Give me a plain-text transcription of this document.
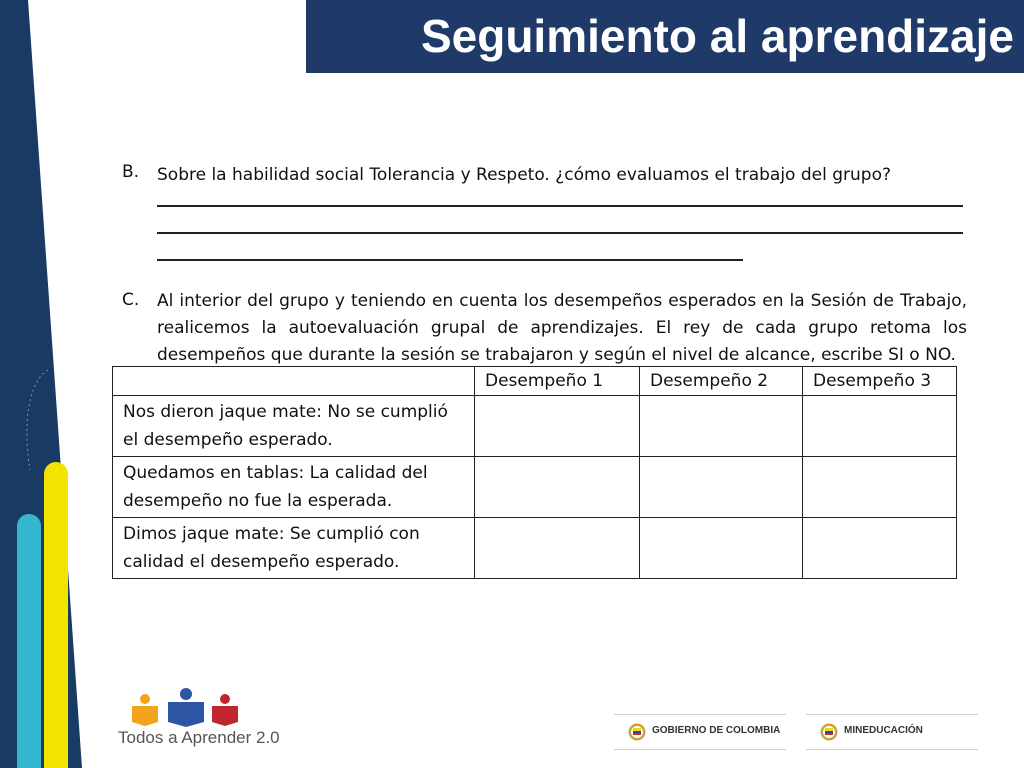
Seguimiento al aprendizaje
B. Sobre la habilidad social Tolerancia y Respeto. ¿cómo evaluamos el trabajo del grupo?
C. Al interior del grupo y teniendo en cuenta los desempeños esperados en la Sesión de Trabajo, realicemos la autoevaluación grupal de aprendizajes. El rey de cada grupo retoma los desempeños que durante la sesión se trabajaron y según el nivel de alcance, escribe SI o NO.
	Desempeño 1	Desempeño 2	Desempeño 3
Nos dieron jaque mate: No se cumplió el desempeño esperado.			
Quedamos en tablas: La calidad del desempeño no fue la esperada.			
Dimos jaque mate: Se cumplió con calidad el desempeño esperado.			
Todos a Aprender 2.0	GOBIERNO DE COLOMBIA	MINEDUCACIÓN
